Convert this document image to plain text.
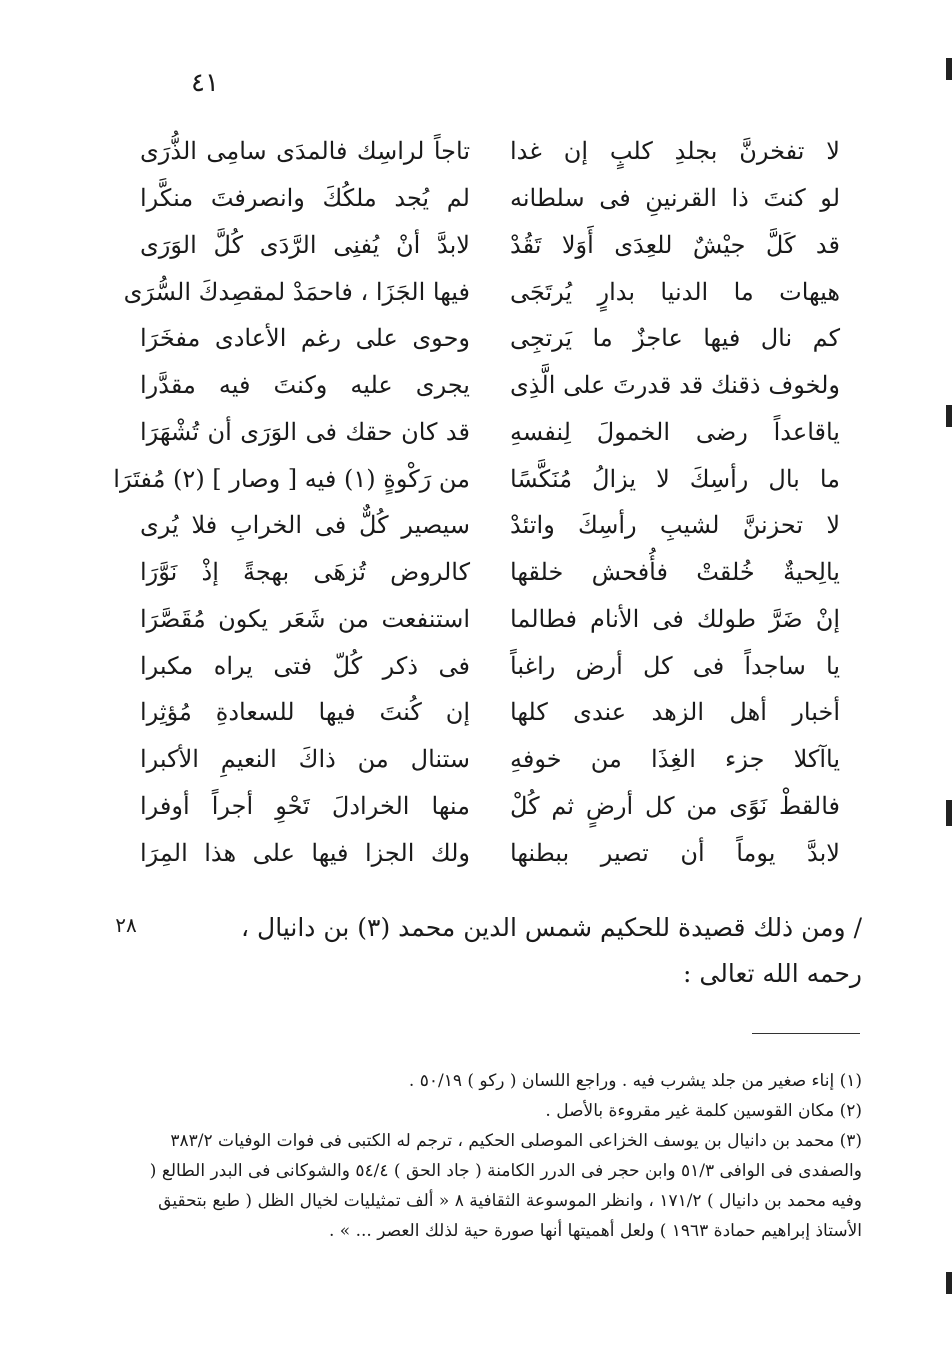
٤١
لا تفخرنَّ بجلدِ كلبٍ إن غدا
تاجاً لراسِك فالمدَى سامِى الذُّرَى
لو كنتَ ذا القرنينِ فى سلطانه
لم يُجد ملكُكَ وانصرفتَ منكَّرا
قد كَلَّ جيْشٌ للعِدَى أَوَلا تَقُدْ
لابدَّ أنْ يُفنِى الرَّدَى كُلَّ الوَرَى
هيهات ما الدنيا بدارٍ يُرتَجَى
فيها الجَزَا ، فاحمَدْ لمقصِدكَ السُّرَى
كم نال فيها عاجزٌ ما يَرتجِى
وحوى على رغم الأعادى مفخَرَا
ولخوف ذقنك قد قدرتَ على الَّذِى
يجرى عليه وكنتَ فيه مقدَّرا
ياقاعداً رضى الخمولَ لِنفسهِ
قد كان حقك فى الوَرَى أن تُشْهَرَا
ما بال رأسِكَ لا يزالُ مُنَكَّسًا
من رَكْوةٍ (١) فيه [ وصار ] (٢) مُفتَرَا
لا تحزننَّ لشيبِ رأسِكَ واتئدْ
سيصير كُلٌّ فى الخرابِ فلا يُرى
يالِحيةٌ خُلقتْ فأُفحش خلقها
كالروض تُزهَى بهجةً إذْ نَوَّرَا
إنْ ضَرَّ طولك فى الأنام فطالما
استنفعت من شَعَر يكون مُقَصَّرَا
يا ساجداً فى كل أرض راغباً
فى ذكر كُلّ فتى يراه مكبرا
أخبار أهل الزهد عندى كلها
إن كُنتَ فيها للسعادةِ مُؤثِرا
ياآكلا جزء الغِذَا من خوفهِ
ستنال من ذاكَ النعيمِ الأكبرا
فالقطْ نَوًى من كل أرضٍ ثم كُلْ
منها الخرادلَ تَحْوِ أجراً أوفرا
لابدَّ يوماً أن تصير ببطنها
ولك الجزا فيها على هذا المِرَا
٢٨	/ ومن ذلك قصيدة للحكيم شمس الدين محمد (٣) بن دانيال ، رحمه الله تعالى :

(١) إناء صغير من جلد يشرب فيه . وراجع اللسان ( ركو ) ٥٠/١٩ .

(٢) مكان القوسين كلمة غير مقروءة بالأصل .

(٣) محمد بن دانيال بن يوسف الخزاعى الموصلى الحكيم ، ترجم له الكتبى فى فوات الوفيات ٣٨٣/٢ والصفدى فى الوافى ٥١/٣ وابن حجر فى الدرر الكامنة ( جاد الحق ) ٥٤/٤ والشوكانى فى البدر الطالع ( وفيه محمد بن دانيال ) ١٧١/٢ ، وانظر الموسوعة الثقافية ٨ « ألف تمثيليات لخيال الظل ( طبع بتحقيق الأستاذ إبراهيم حمادة ١٩٦٣ ) ولعل أهميتها أنها صورة حية لذلك العصر ... » .
